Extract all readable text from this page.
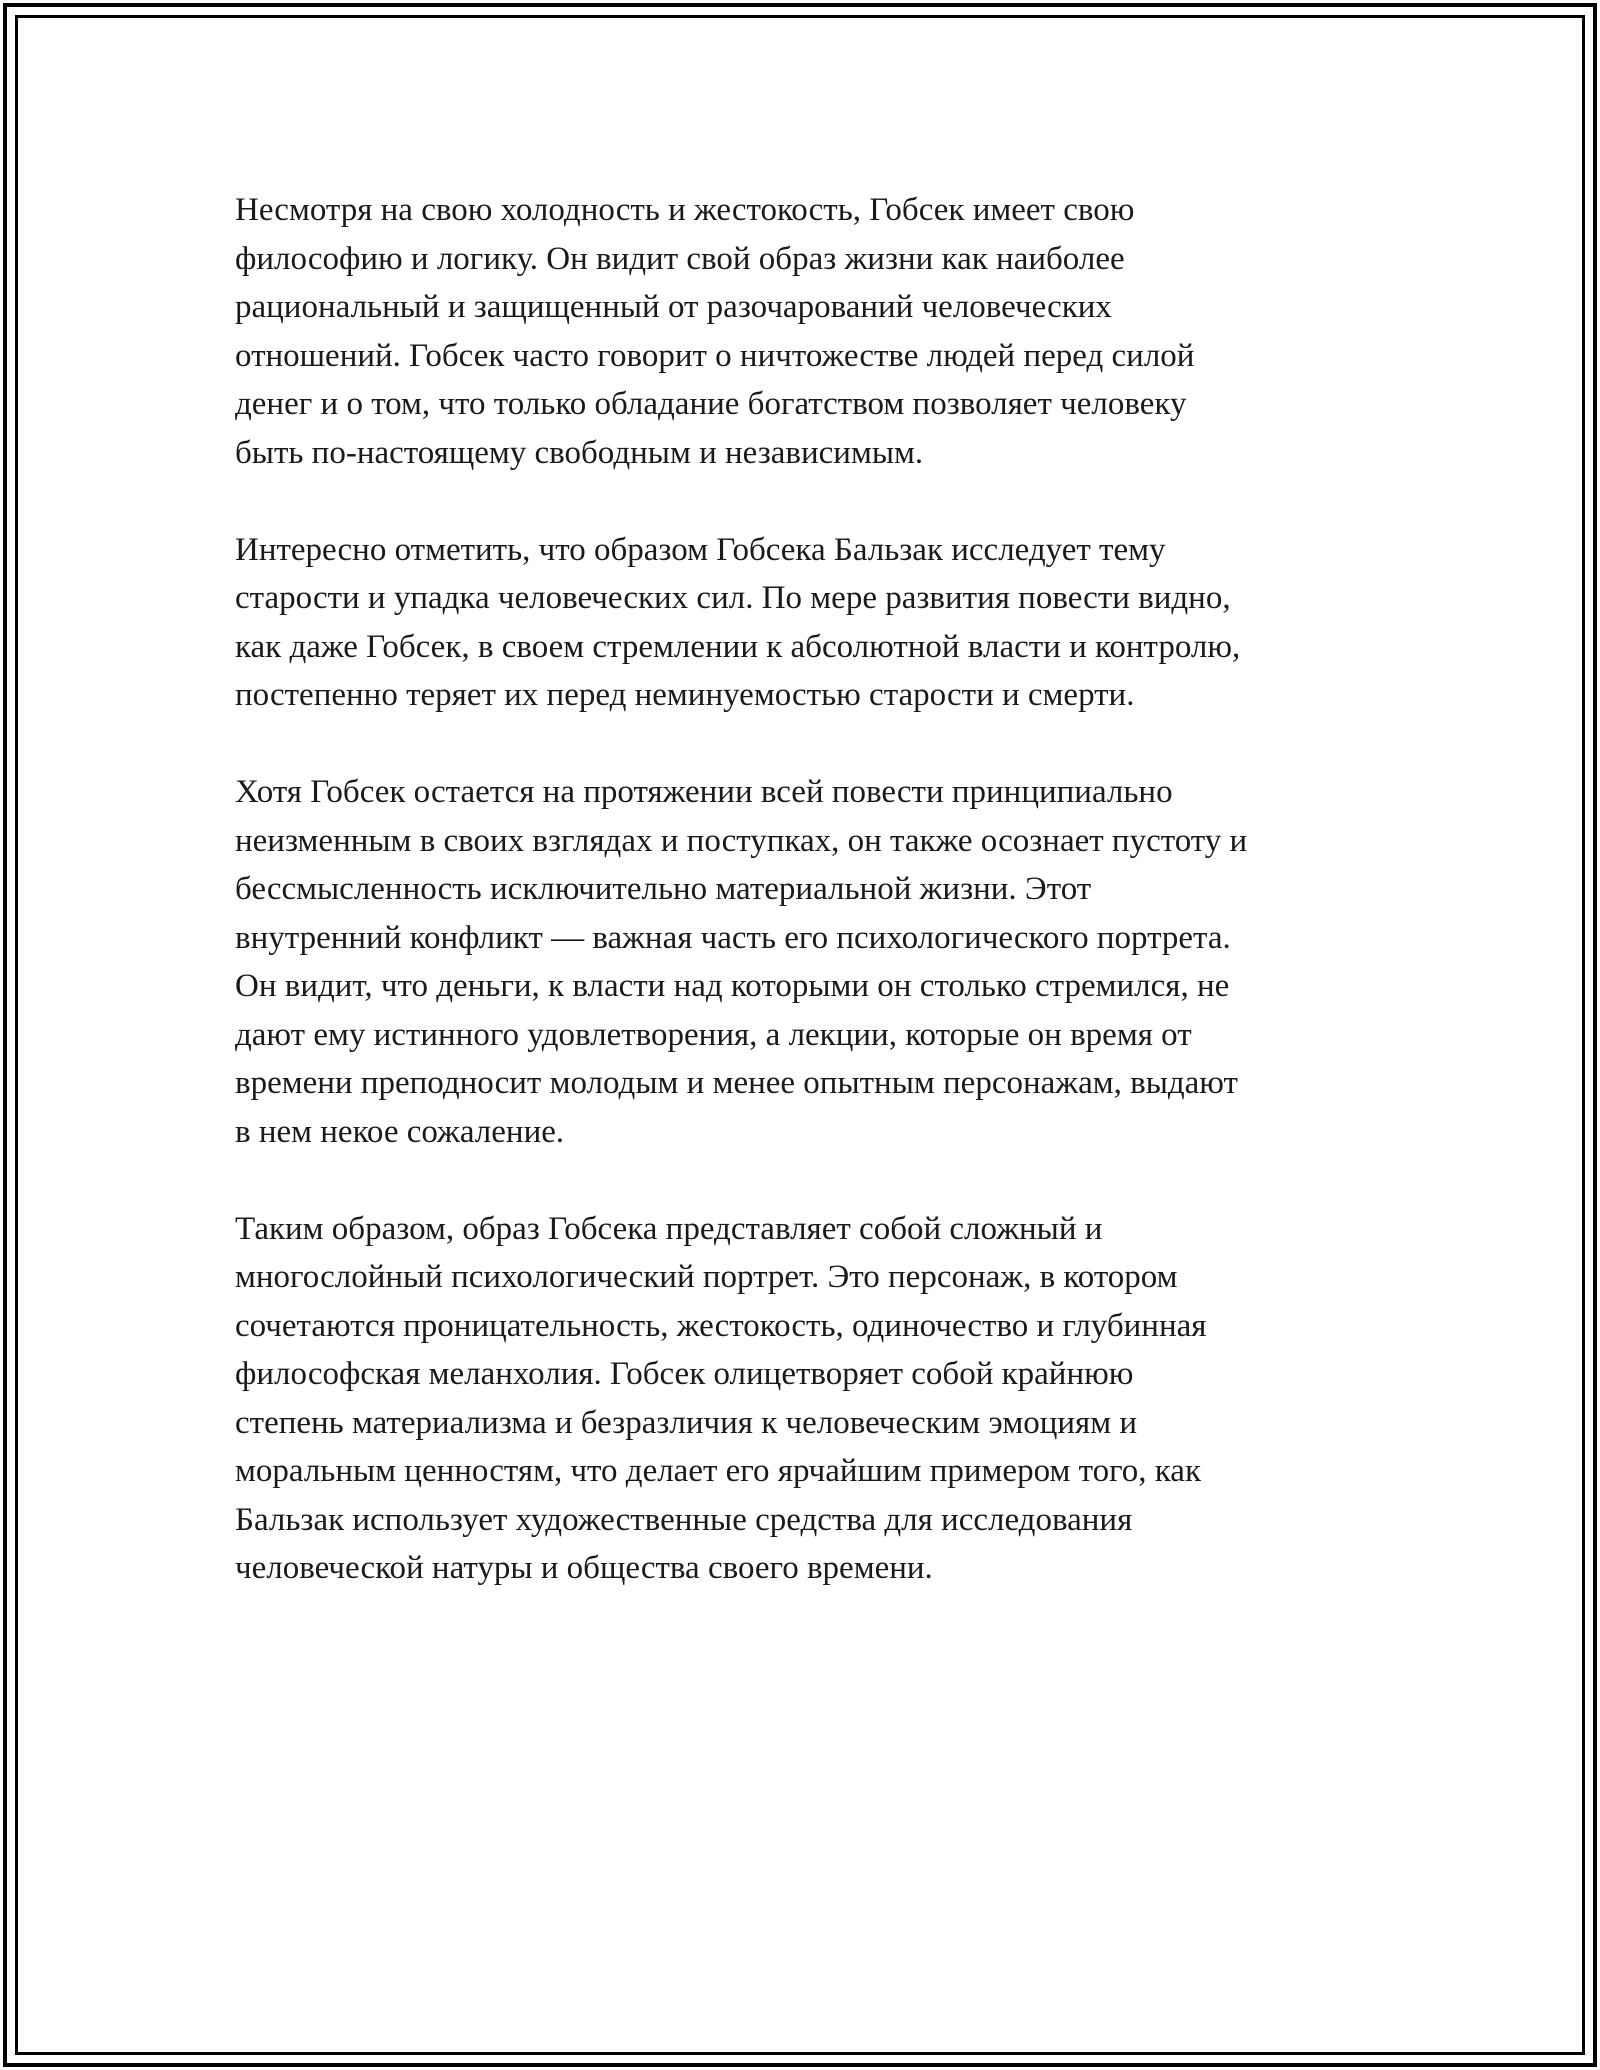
Несмотря на свою холодность и жестокость, Гобсек имеет свою
философию и логику. Он видит свой образ жизни как наиболее
рациональный и защищенный от разочарований человеческих
отношений. Гобсек часто говорит о ничтожестве людей перед силой
денег и о том, что только обладание богатством позволяет человеку
быть по-настоящему свободным и независимым.

Интересно отметить, что образом Гобсека Бальзак исследует тему
старости и упадка человеческих сил. По мере развития повести видно,
как даже Гобсек, в своем стремлении к абсолютной власти и контролю,
постепенно теряет их перед неминуемостью старости и смерти.

Хотя Гобсек остается на протяжении всей повести принципиально
неизменным в своих взглядах и поступках, он также осознает пустоту и
бессмысленность исключительно материальной жизни. Этот
внутренний конфликт — важная часть его психологического портрета.
Он видит, что деньги, к власти над которыми он столько стремился, не
дают ему истинного удовлетворения, а лекции, которые он время от
времени преподносит молодым и менее опытным персонажам, выдают
в нем некое сожаление.

Таким образом, образ Гобсека представляет собой сложный и
многослойный психологический портрет. Это персонаж, в котором
сочетаются проницательность, жестокость, одиночество и глубинная
философская меланхолия. Гобсек олицетворяет собой крайнюю
степень материализма и безразличия к человеческим эмоциям и
моральным ценностям, что делает его ярчайшим примером того, как
Бальзак использует художественные средства для исследования
человеческой натуры и общества своего времени.
